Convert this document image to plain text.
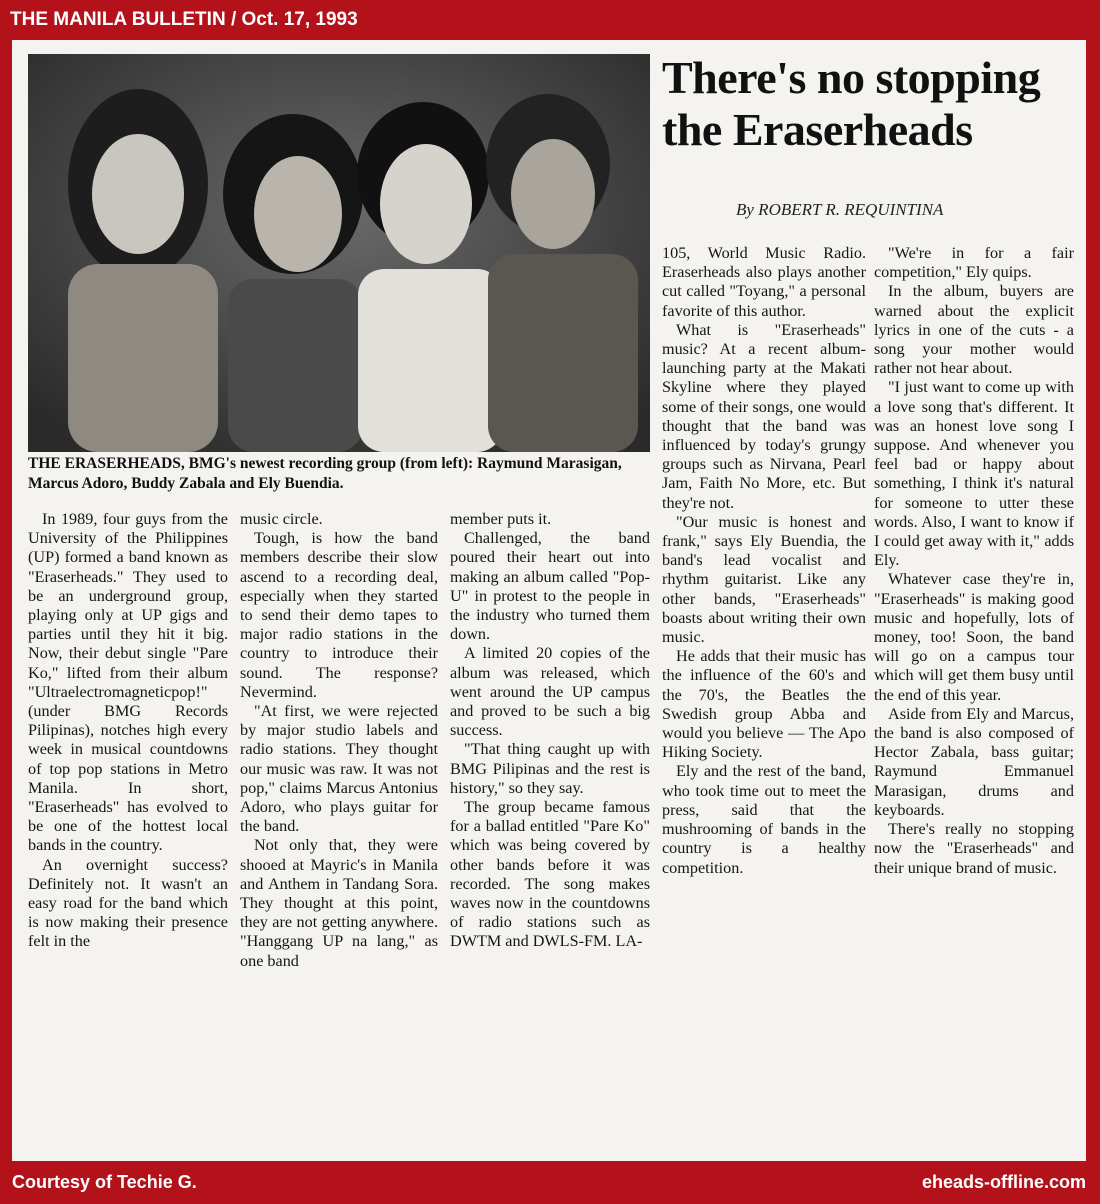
THE MANILA BULLETIN / Oct. 17, 1993
THE ERASERHEADS, BMG's newest recording group (from left): Raymund Marasigan, Marcus Adoro, Buddy Zabala and Ely Buendia.
There's no stopping the Eraserheads
By ROBERT R. REQUINTINA

In 1989, four guys from the University of the Philippines (UP) formed a band known as "Eraserheads." They used to be an underground group, playing only at UP gigs and parties until they hit it big. Now, their debut single "Pare Ko," lifted from their album "Ultraelectromagneticpop!" (under BMG Records Pilipinas), notches high every week in musical countdowns of top pop stations in Metro Manila. In short, "Eraserheads" has evolved to be one of the hottest local bands in the country.

An overnight success? Definitely not. It wasn't an easy road for the band which is now making their presence felt in the

music circle.

Tough, is how the band members describe their slow ascend to a recording deal, especially when they started to send their demo tapes to major radio stations in the country to introduce their sound. The response? Nevermind.

"At first, we were rejected by major studio labels and radio stations. They thought our music was raw. It was not pop," claims Marcus Antonius Adoro, who plays guitar for the band.

Not only that, they were shooed at Mayric's in Manila and Anthem in Tandang Sora. They thought at this point, they are not getting anywhere. "Hanggang UP na lang," as one band

member puts it.

Challenged, the band poured their heart out into making an album called "Pop-U" in protest to the people in the industry who turned them down.

A limited 20 copies of the album was released, which went around the UP campus and proved to be such a big success.

"That thing caught up with BMG Pilipinas and the rest is history," so they say.

The group became famous for a ballad entitled "Pare Ko" which was being covered by other bands before it was recorded. The song makes waves now in the countdowns of radio stations such as DWTM and DWLS-FM. LA-

105, World Music Radio. Eraserheads also plays another cut called "Toyang," a personal favorite of this author.

What is "Eraserheads" music? At a recent album-launching party at the Makati Skyline where they played some of their songs, one would thought that the band was influenced by today's grungy groups such as Nirvana, Pearl Jam, Faith No More, etc. But they're not.

"Our music is honest and frank," says Ely Buendia, the band's lead vocalist and rhythm guitarist. Like any other bands, "Eraserheads" boasts about writing their own music.

He adds that their music has the influence of the 60's and the 70's, the Beatles the Swedish group Abba and would you believe — The Apo Hiking Society.

Ely and the rest of the band, who took time out to meet the press, said that the mushrooming of bands in the country is a healthy competition.

"We're in for a fair competition," Ely quips.

In the album, buyers are warned about the explicit lyrics in one of the cuts - a song your mother would rather not hear about.

"I just want to come up with a love song that's different. It was an honest love song I suppose. And whenever you feel bad or happy about something, I think it's natural for someone to utter these words. Also, I want to know if I could get away with it," adds Ely.

Whatever case they're in, "Eraserheads" is making good music and hopefully, lots of money, too! Soon, the band will go on a campus tour which will get them busy until the end of this year.

Aside from Ely and Marcus, the band is also composed of Hector Zabala, bass guitar; Raymund Emmanuel Marasigan, drums and keyboards.

There's really no stopping now the "Eraserheads" and their unique brand of music.

Courtesy of Techie G.	eheads-offline.com
